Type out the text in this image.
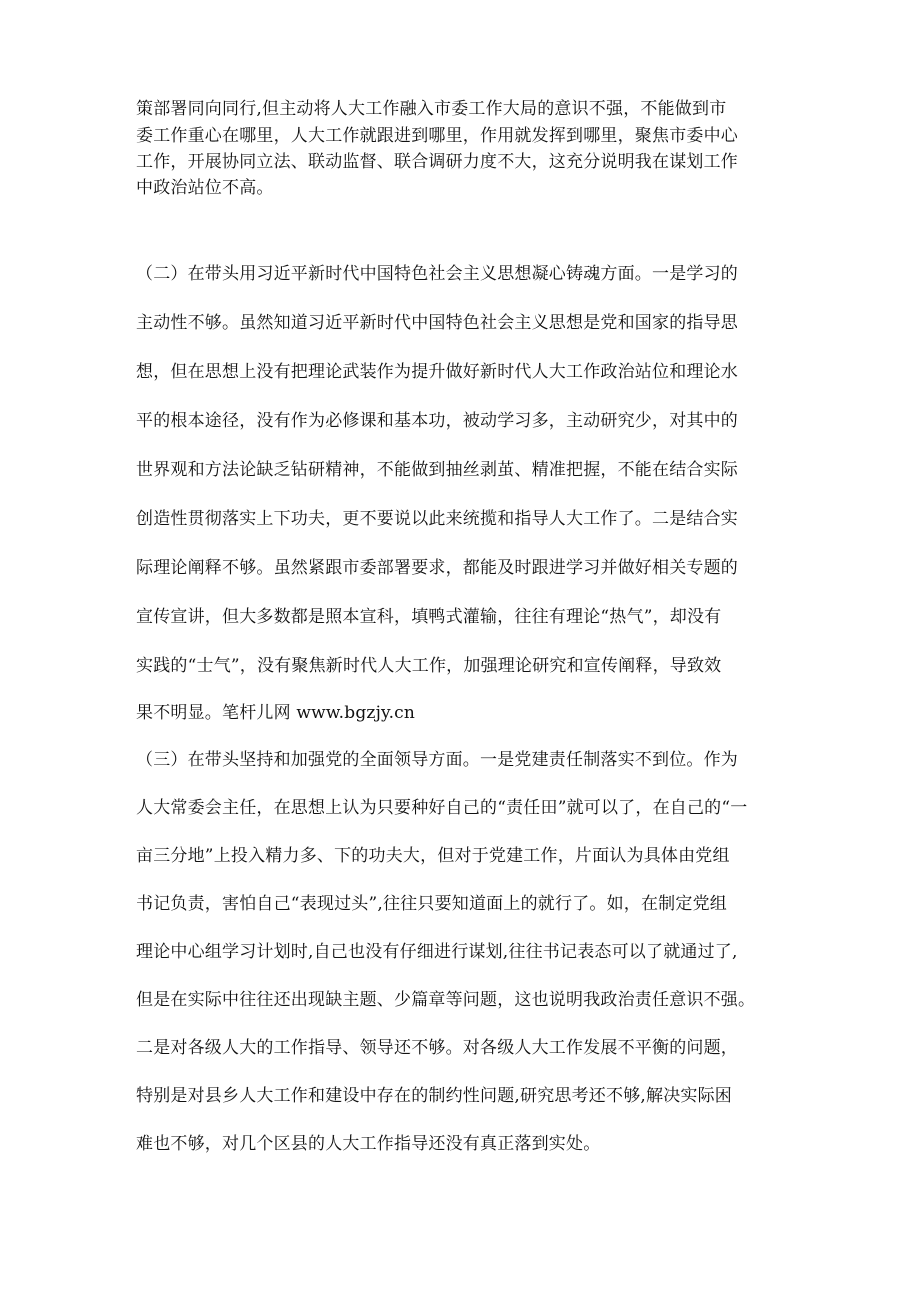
策部署同向同行,但主动将人大工作融入市委工作大局的意识不强，不能做到市
委工作重心在哪里，人大工作就跟进到哪里，作用就发挥到哪里，聚焦市委中心
工作，开展协同立法、联动监督、联合调研力度不大，这充分说明我在谋划工作
中政治站位不高。
（二）在带头用习近平新时代中国特色社会主义思想凝心铸魂方面。一是学习的
主动性不够。虽然知道习近平新时代中国特色社会主义思想是党和国家的指导思
想，但在思想上没有把理论武装作为提升做好新时代人大工作政治站位和理论水
平的根本途径，没有作为必修课和基本功，被动学习多，主动研究少，对其中的
世界观和方法论缺乏钻研精神，不能做到抽丝剥茧、精准把握，不能在结合实际
创造性贯彻落实上下功夫，更不要说以此来统揽和指导人大工作了。二是结合实
际理论阐释不够。虽然紧跟市委部署要求，都能及时跟进学习并做好相关专题的
宣传宣讲，但大多数都是照本宣科，填鸭式灌输，往往有理论“热气”，却没有
实践的“士气”，没有聚焦新时代人大工作，加强理论研究和宣传阐释，导致效
果不明显。笔杆儿网 www.bgzjy.cn
（三）在带头坚持和加强党的全面领导方面。一是党建责任制落实不到位。作为
人大常委会主任，在思想上认为只要种好自己的“责任田”就可以了，在自己的“一
亩三分地”上投入精力多、下的功夫大，但对于党建工作，片面认为具体由党组
书记负责，害怕自己“表现过头”,往往只要知道面上的就行了。如，在制定党组
理论中心组学习计划时,自己也没有仔细进行谋划,往往书记表态可以了就通过了,
但是在实际中往往还出现缺主题、少篇章等问题，这也说明我政治责任意识不强。
二是对各级人大的工作指导、领导还不够。对各级人大工作发展不平衡的问题，
特别是对县乡人大工作和建设中存在的制约性问题,研究思考还不够,解决实际困
难也不够，对几个区县的人大工作指导还没有真正落到实处。
